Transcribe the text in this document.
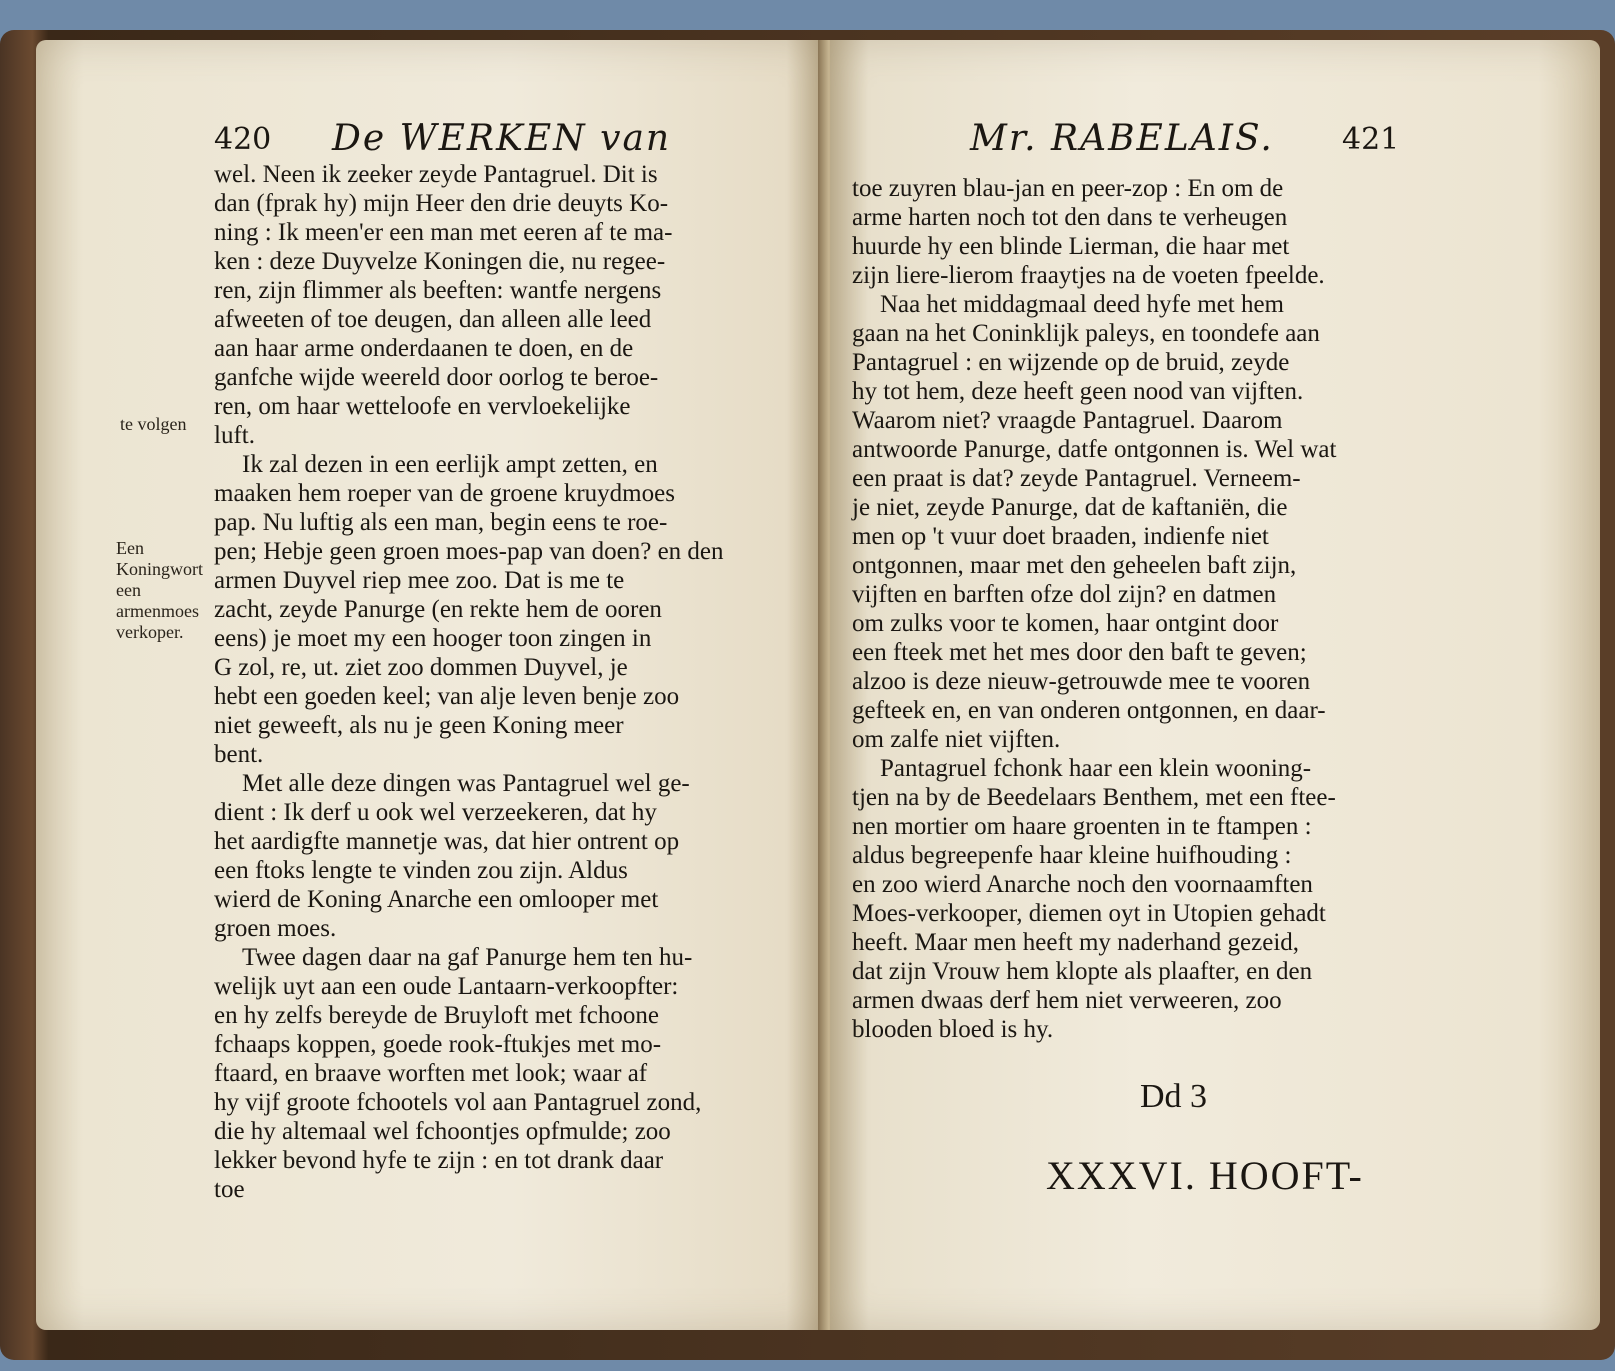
420 De WERKEN van
te volgen
Een Koningwort een armenmoes verkoper.
wel. Neen ik zeeker zeyde Pantagruel. Dit is
dan (fprak hy) mijn Heer den drie deuyts Ko-
ning : Ik meen'er een man met eeren af te ma-
ken : deze Duyvelze Koningen die, nu regee-
ren, zijn flimmer als beeften: wantfe nergens
afweeten of toe deugen, dan alleen alle leed
aan haar arme onderdaanen te doen, en de
ganfche wijde weereld door oorlog te beroe-
ren, om haar wetteloofe en vervloekelijke
luft.
Ik zal dezen in een eerlijk ampt zetten, en
maaken hem roeper van de groene kruydmoes
pap. Nu luftig als een man, begin eens te roe-
pen; Hebje geen groen moes-pap van doen? en den
armen Duyvel riep mee zoo. Dat is me te
zacht, zeyde Panurge (en rekte hem de ooren
eens) je moet my een hooger toon zingen in
G zol, re, ut. ziet zoo dommen Duyvel, je
hebt een goeden keel; van alje leven benje zoo
niet geweeft, als nu je geen Koning meer
bent.
Met alle deze dingen was Pantagruel wel ge-
dient : Ik derf u ook wel verzeekeren, dat hy
het aardigfte mannetje was, dat hier ontrent op
een ftoks lengte te vinden zou zijn. Aldus
wierd de Koning Anarche een omlooper met
groen moes.
Twee dagen daar na gaf Panurge hem ten hu-
welijk uyt aan een oude Lantaarn-verkoopfter:
en hy zelfs bereyde de Bruyloft met fchoone
fchaaps koppen, goede rook-ftukjes met mo-
ftaard, en braave worften met look; waar af
hy vijf groote fchootels vol aan Pantagruel zond,
die hy altemaal wel fchoontjes opfmulde; zoo
lekker bevond hyfe te zijn : en tot drank daar
toe
Mr. RABELAIS. 421
toe zuyren blau-jan en peer-zop : En om de
arme harten noch tot den dans te verheugen
huurde hy een blinde Lierman, die haar met
zijn liere-lierom fraaytjes na de voeten fpeelde.
Naa het middagmaal deed hyfe met hem
gaan na het Coninklijk paleys, en toondefe aan
Pantagruel : en wijzende op de bruid, zeyde
hy tot hem, deze heeft geen nood van vijften.
Waarom niet? vraagde Pantagruel. Daarom
antwoorde Panurge, datfe ontgonnen is. Wel wat
een praat is dat? zeyde Pantagruel. Verneem-
je niet, zeyde Panurge, dat de kaftaniën, die
men op 't vuur doet braaden, indienfe niet
ontgonnen, maar met den geheelen baft zijn,
vijften en barften ofze dol zijn? en datmen
om zulks voor te komen, haar ontgint door
een fteek met het mes door den baft te geven;
alzoo is deze nieuw-getrouwde mee te vooren
gefteek en, en van onderen ontgonnen, en daar-
om zalfe niet vijften.
Pantagruel fchonk haar een klein wooning-
tjen na by de Beedelaars Benthem, met een ftee-
nen mortier om haare groenten in te ftampen :
aldus begreepenfe haar kleine huifhouding :
en zoo wierd Anarche noch den voornaamften
Moes-verkooper, diemen oyt in Utopien gehadt
heeft. Maar men heeft my naderhand gezeid,
dat zijn Vrouw hem klopte als plaafter, en den
armen dwaas derf hem niet verweeren, zoo
blooden bloed is hy.
Dd 3
XXXVI. HOOFT-
